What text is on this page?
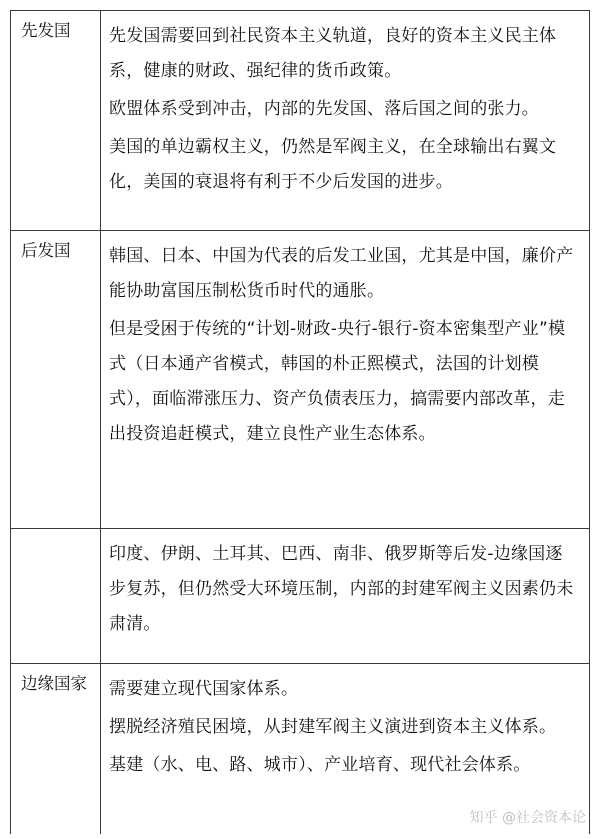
先发国	先发国需要回到社民资本主义轨道，良好的资本主义民主体系，健康的财政、强纪律的货币政策。

欧盟体系受到冲击，内部的先发国、落后国之间的张力。

美国的单边霸权主义，仍然是军阀主义，在全球输出右翼文化，美国的衰退将有利于不少后发国的进步。

后发国	韩国、日本、中国为代表的后发工业国，尤其是中国，廉价产能协助富国压制松货币时代的通胀。

但是受困于传统的“计划-财政-央行-银行-资本密集型产业”模式（日本通产省模式，韩国的朴正熙模式，法国的计划模式），面临滞涨压力、资产负债表压力，搞需要内部改革，走出投资追赶模式，建立良性产业生态体系。

	印度、伊朗、土耳其、巴西、南非、俄罗斯等后发-边缘国逐步复苏，但仍然受大环境压制，内部的封建军阀主义因素仍未肃清。

边缘国家	需要建立现代国家体系。

摆脱经济殖民困境，从封建军阀主义演进到资本主义体系。

基建（水、电、路、城市）、产业培育、现代社会体系。

知乎 @社会资本论
